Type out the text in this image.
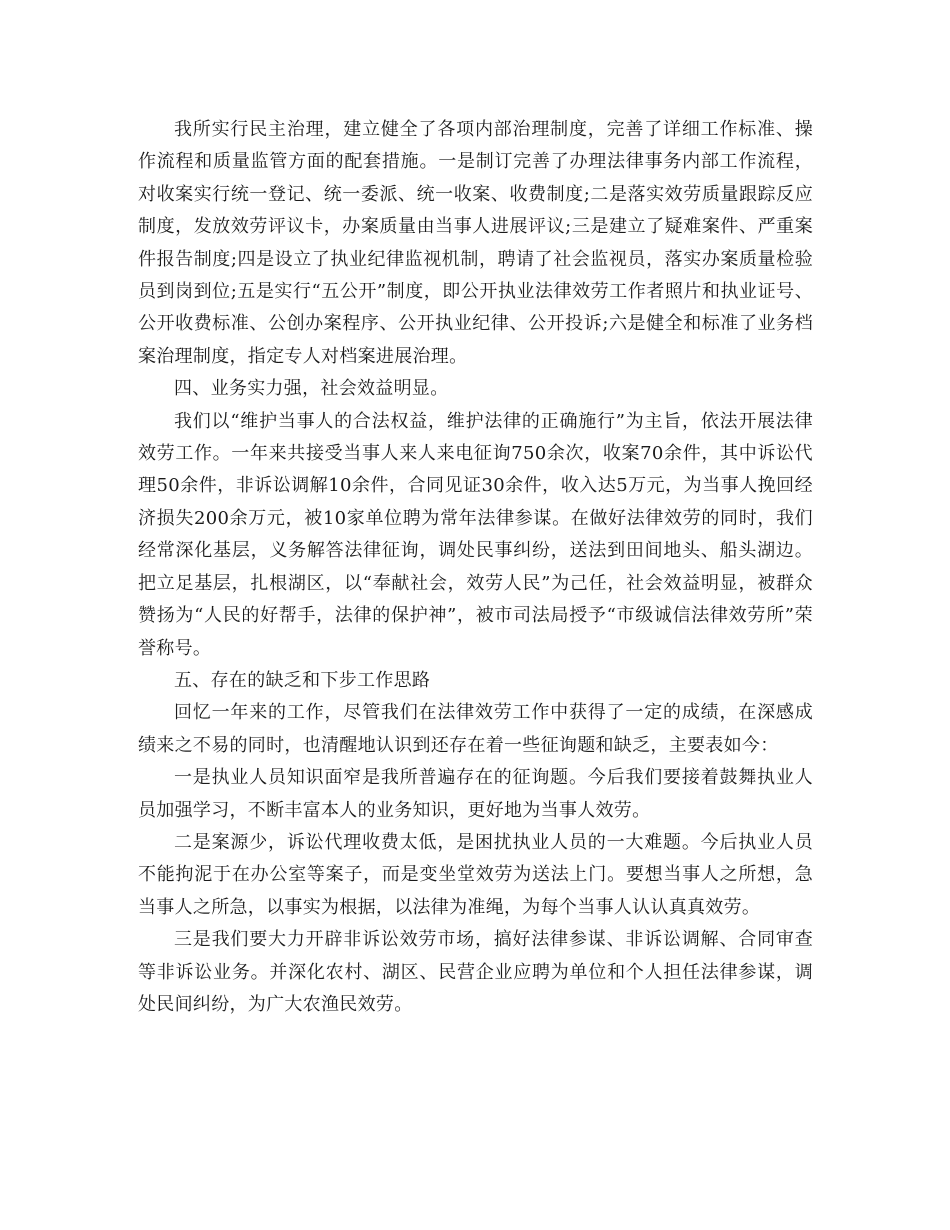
我所实行民主治理，建立健全了各项内部治理制度，完善了详细工作标准、操作流程和质量监管方面的配套措施。一是制订完善了办理法律事务内部工作流程，对收案实行统一登记、统一委派、统一收案、收费制度;二是落实效劳质量跟踪反应制度，发放效劳评议卡，办案质量由当事人进展评议;三是建立了疑难案件、严重案件报告制度;四是设立了执业纪律监视机制，聘请了社会监视员，落实办案质量检验员到岗到位;五是实行“五公开”制度，即公开执业法律效劳工作者照片和执业证号、公开收费标准、公创办案程序、公开执业纪律、公开投诉;六是健全和标准了业务档案治理制度，指定专人对档案进展治理。

四、业务实力强，社会效益明显。

我们以“维护当事人的合法权益，维护法律的正确施行”为主旨，依法开展法律效劳工作。一年来共接受当事人来人来电征询750余次，收案70余件，其中诉讼代理50余件，非诉讼调解10余件，合同见证30余件，收入达5万元，为当事人挽回经济损失200余万元，被10家单位聘为常年法律参谋。在做好法律效劳的同时，我们经常深化基层，义务解答法律征询，调处民事纠纷，送法到田间地头、船头湖边。把立足基层，扎根湖区，以“奉献社会，效劳人民”为己任，社会效益明显，被群众赞扬为“人民的好帮手，法律的保护神”，被市司法局授予“市级诚信法律效劳所”荣誉称号。

五、存在的缺乏和下步工作思路

回忆一年来的工作，尽管我们在法律效劳工作中获得了一定的成绩，在深感成绩来之不易的同时，也清醒地认识到还存在着一些征询题和缺乏，主要表如今：

一是执业人员知识面窄是我所普遍存在的征询题。今后我们要接着鼓舞执业人员加强学习，不断丰富本人的业务知识，更好地为当事人效劳。

二是案源少，诉讼代理收费太低，是困扰执业人员的一大难题。今后执业人员不能拘泥于在办公室等案子，而是变坐堂效劳为送法上门。要想当事人之所想，急当事人之所急，以事实为根据，以法律为准绳，为每个当事人认认真真效劳。

三是我们要大力开辟非诉讼效劳市场，搞好法律参谋、非诉讼调解、合同审查等非诉讼业务。并深化农村、湖区、民营企业应聘为单位和个人担任法律参谋，调处民间纠纷，为广大农渔民效劳。
